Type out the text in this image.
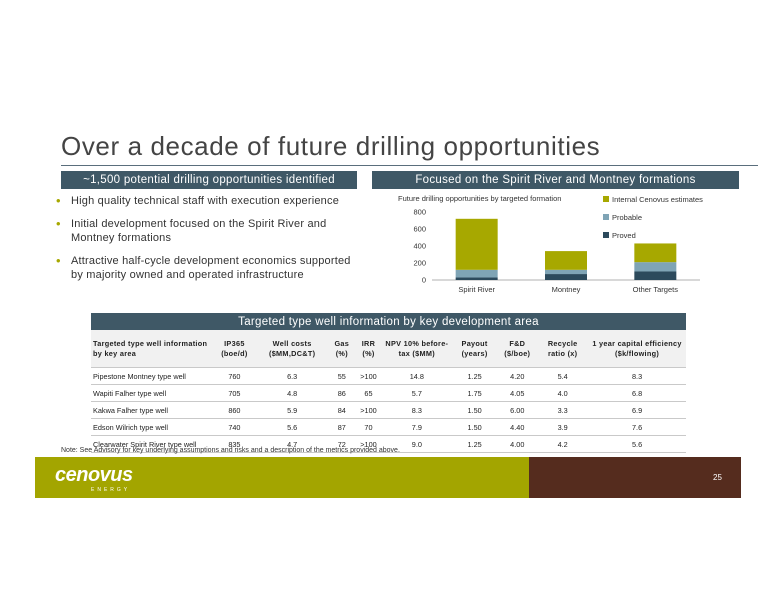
Over a decade of future drilling opportunities
~1,500 potential drilling opportunities identified	Focused on the Spirit River and Montney formations
• High quality technical staff with execution experience
• Initial development focused on the Spirit River and Montney formations
• Attractive half-cycle development economics supported by majority owned and operated infrastructure
Future drilling opportunities by targeted formation
0
200
400
600
800
Spirit River	Montney	Other Targets
Internal Cenovus estimates
Probable
Proved
Targeted type well information by key development area
Targeted type well information by key area	IP365 (boe/d)	Well costs ($MM,DC&T)	Gas (%)	IRR (%)	NPV 10% before-tax ($MM)	Payout (years)	F&D ($/boe)	Recycle ratio (x)	1 year capital efficiency ($k/flowing)
Pipestone Montney type well	760	6.3	55	>100	14.8	1.25	4.20	5.4	8.3
Wapiti Falher type well	705	4.8	86	65	5.7	1.75	4.05	4.0	6.8
Kakwa Falher type well	860	5.9	84	>100	8.3	1.50	6.00	3.3	6.9
Edson Wilrich type well	740	5.6	87	70	7.9	1.50	4.40	3.9	7.6
Clearwater Spirit River type well	835	4.7	72	>100	9.0	1.25	4.00	4.2	5.6
Note: See Advisory for key underlying assumptions and risks and a description of the metrics provided above.
cenovus
ENERGY
25
